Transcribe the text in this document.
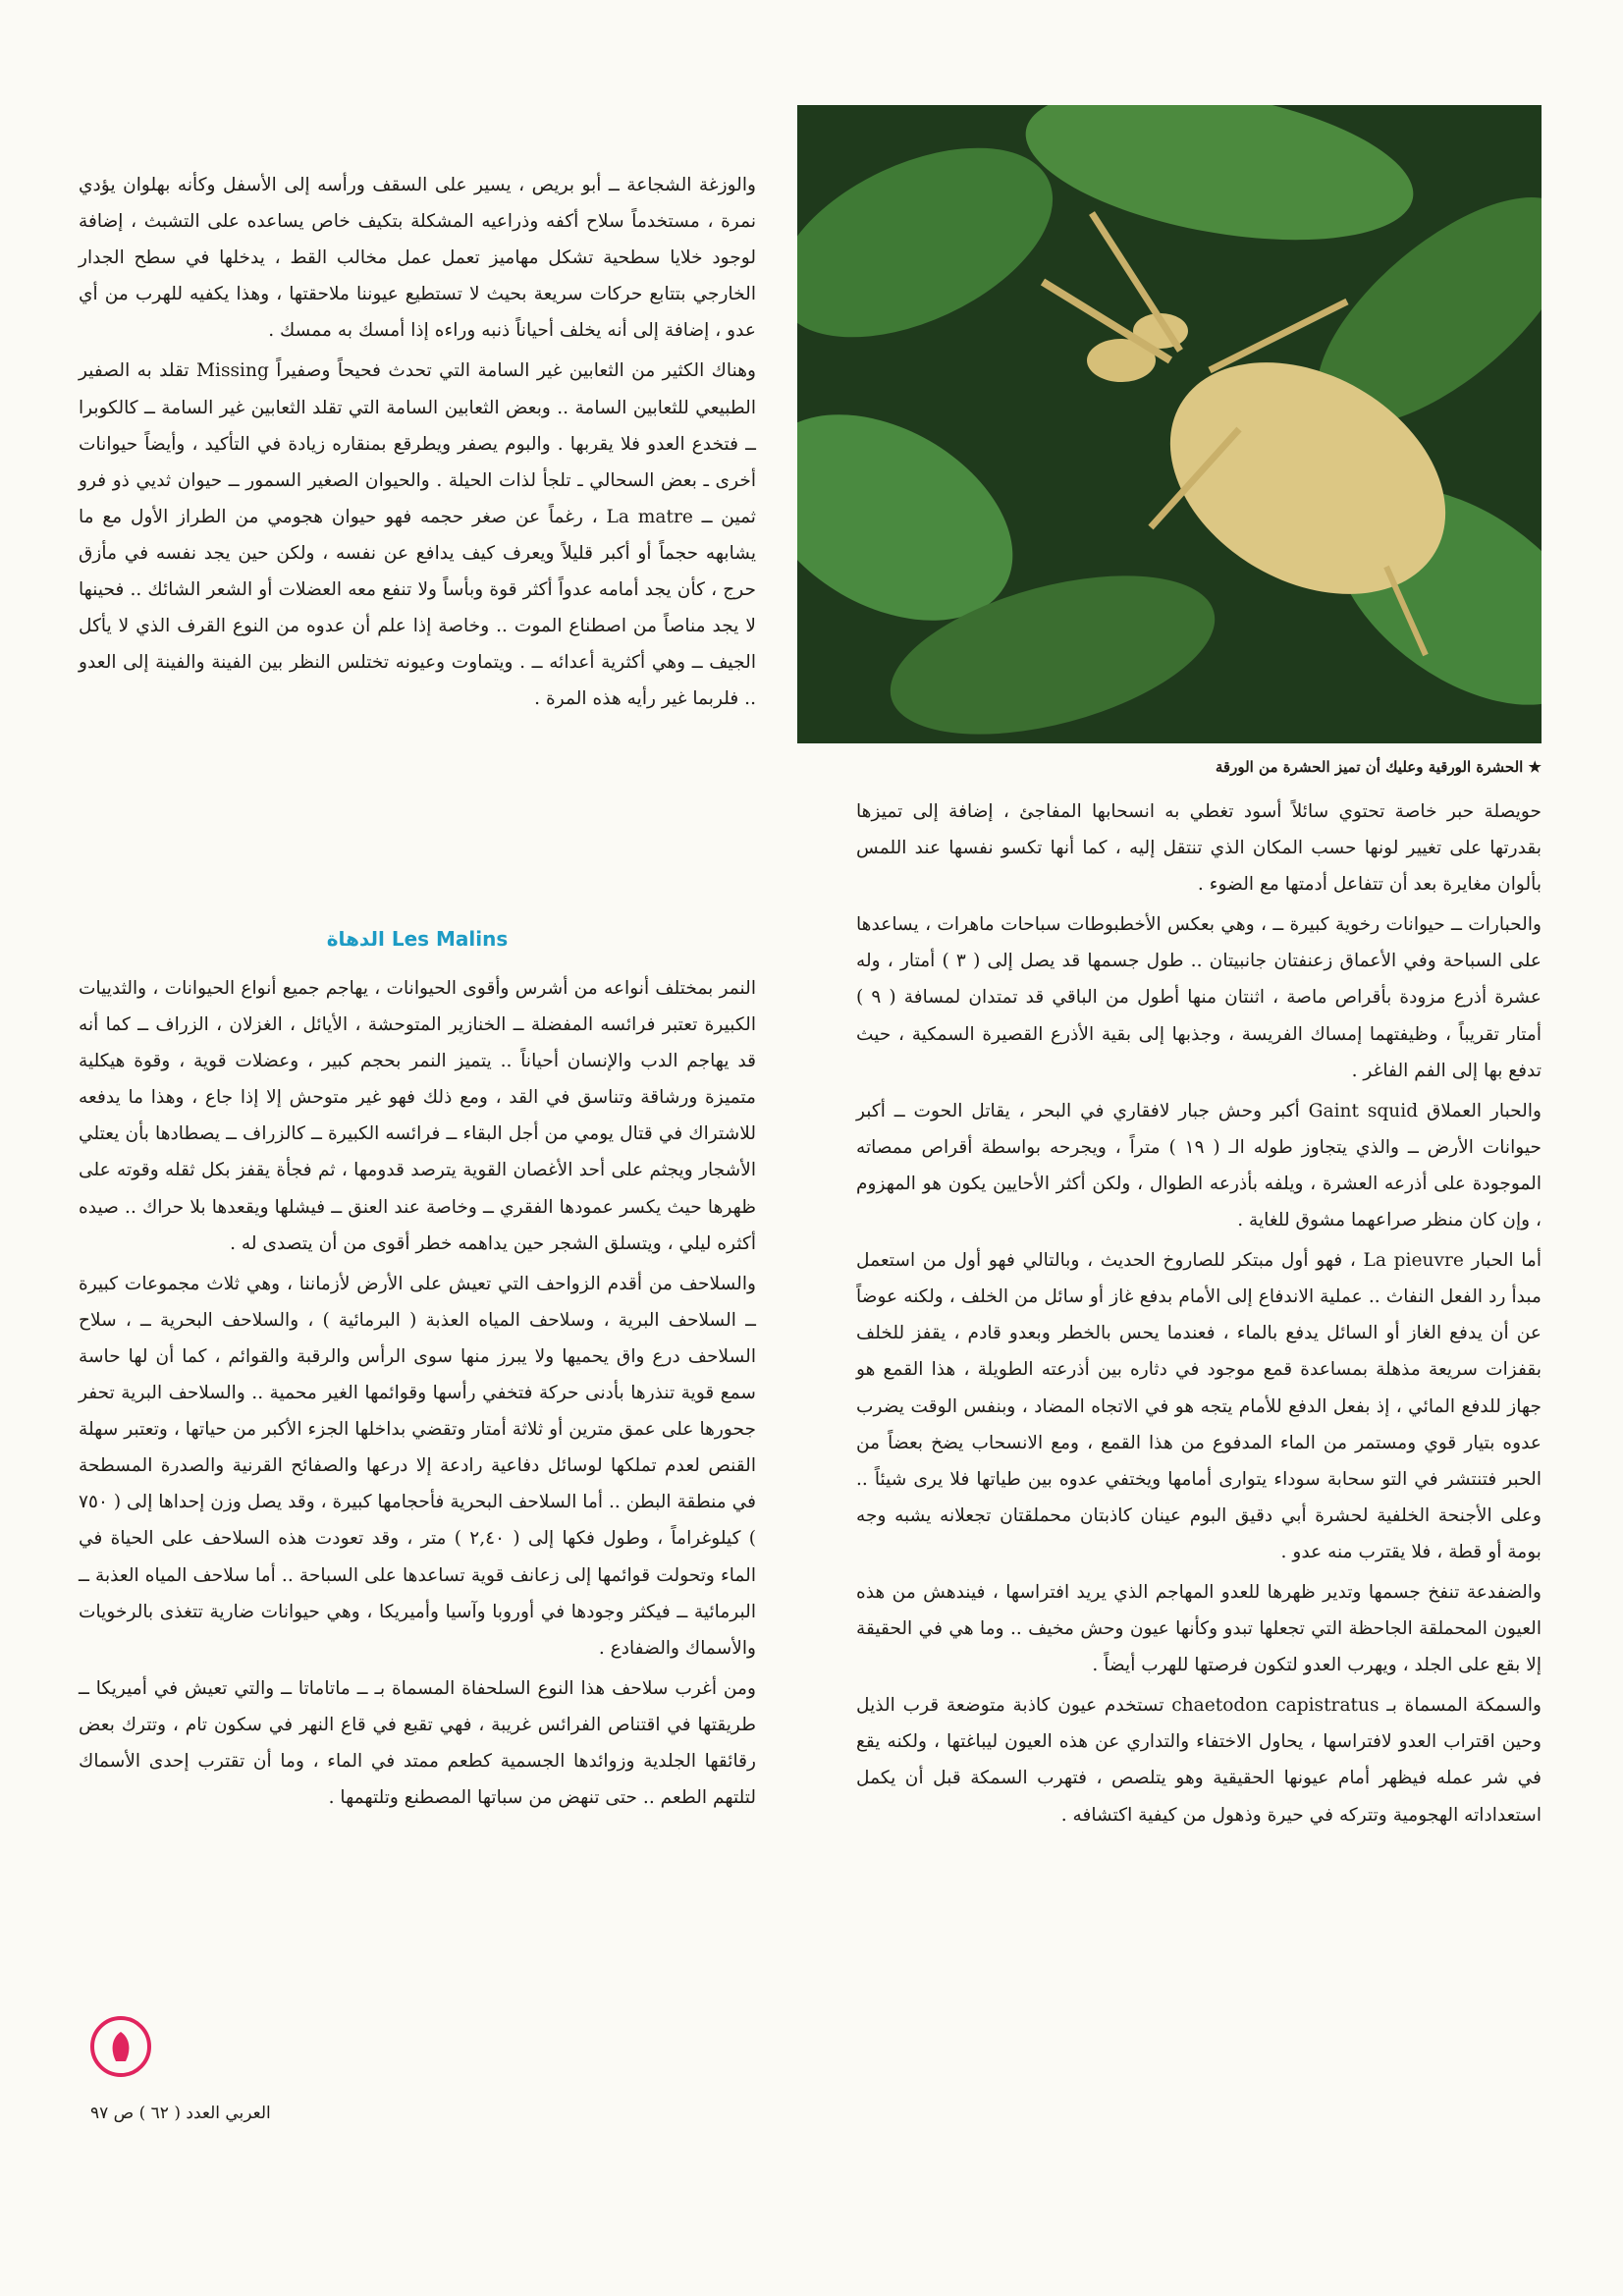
★ الحشرة الورقية وعليك أن تميز الحشرة من الورقة

والوزغة الشجاعة ــ أبو بريص ، يسير على السقف ورأسه إلى الأسفل وكأنه بهلوان يؤدي نمرة ، مستخدماً سلاح أكفه وذراعيه المشكلة بتكيف خاص يساعده على التشبث ، إضافة لوجود خلايا سطحية تشكل مهاميز تعمل عمل مخالب القط ، يدخلها في سطح الجدار الخارجي بتتابع حركات سريعة بحيث لا تستطيع عيوننا ملاحقتها ، وهذا يكفيه للهرب من أي عدو ، إضافة إلى أنه يخلف أحياناً ذنبه وراءه إذا أمسك به ممسك .

وهناك الكثير من الثعابين غير السامة التي تحدث فحيحاً وصفيراً Missing تقلد به الصفير الطبيعي للثعابين السامة .. وبعض الثعابين السامة التي تقلد الثعابين غير السامة ــ كالكوبرا ــ فتخدع العدو فلا يقربها . والبوم يصفر ويطرقع بمنقاره زيادة في التأكيد ، وأيضاً حيوانات أخرى ـ بعض السحالي ـ تلجأ لذات الحيلة . والحيوان الصغير السمور ــ حيوان ثديي ذو فرو ثمين ــ La matre ، رغماً عن صغر حجمه فهو حيوان هجومي من الطراز الأول مع ما يشابهه حجماً أو أكبر قليلاً ويعرف كيف يدافع عن نفسه ، ولكن حين يجد نفسه في مأزق حرج ، كأن يجد أمامه عدواً أكثر قوة وبأساً ولا تنفع معه العضلات أو الشعر الشائك .. فحينها لا يجد مناصاً من اصطناع الموت .. وخاصة إذا علم أن عدوه من النوع القرف الذي لا يأكل الجيف ــ وهي أكثرية أعدائه ــ . ويتماوت وعيونه تختلس النظر بين الفينة والفينة إلى العدو .. فلربما غير رأيه هذه المرة .

الدهاة Les Malins

النمر بمختلف أنواعه من أشرس وأقوى الحيوانات ، يهاجم جميع أنواع الحيوانات ، والثدييات الكبيرة تعتبر فرائسه المفضلة ــ الخنازير المتوحشة ، الأيائل ، الغزلان ، الزراف ــ كما أنه قد يهاجم الدب والإنسان أحياناً .. يتميز النمر بحجم كبير ، وعضلات قوية ، وقوة هيكلية متميزة ورشاقة وتناسق في القد ، ومع ذلك فهو غير متوحش إلا إذا جاع ، وهذا ما يدفعه للاشتراك في قتال يومي من أجل البقاء ــ فرائسه الكبيرة ــ كالزراف ــ يصطادها بأن يعتلي الأشجار ويجثم على أحد الأغصان القوية يترصد قدومها ، ثم فجأة يقفز بكل ثقله وقوته على ظهرها حيث يكسر عمودها الفقري ــ وخاصة عند العنق ــ فيشلها ويقعدها بلا حراك .. صيده أكثره ليلي ، ويتسلق الشجر حين يداهمه خطر أقوى من أن يتصدى له .

والسلاحف من أقدم الزواحف التي تعيش على الأرض لأزماننا ، وهي ثلاث مجموعات كبيرة ــ السلاحف البرية ، وسلاحف المياه العذبة ( البرمائية ) ، والسلاحف البحرية ــ ، سلاح السلاحف درع واق يحميها ولا يبرز منها سوى الرأس والرقبة والقوائم ، كما أن لها حاسة سمع قوية تنذرها بأدنى حركة فتخفي رأسها وقوائمها الغير محمية .. والسلاحف البرية تحفر جحورها على عمق مترين أو ثلاثة أمتار وتقضي بداخلها الجزء الأكبر من حياتها ، وتعتبر سهلة القنص لعدم تملكها لوسائل دفاعية رادعة إلا درعها والصفائح القرنية والصدرة المسطحة في منطقة البطن .. أما السلاحف البحرية فأحجامها كبيرة ، وقد يصل وزن إحداها إلى ( ٧٥٠ ) كيلوغراماً ، وطول فكها إلى ( ٢,٤٠ ) متر ، وقد تعودت هذه السلاحف على الحياة في الماء وتحولت قوائمها إلى زعانف قوية تساعدها على السباحة .. أما سلاحف المياه العذبة ــ البرمائية ــ فيكثر وجودها في أوروبا وآسيا وأميريكا ، وهي حيوانات ضارية تتغذى بالرخويات والأسماك والضفادع .

ومن أغرب سلاحف هذا النوع السلحفاة المسماة بـ ــ ماتاماتا ــ والتي تعيش في أميريكا ــ طريقتها في اقتناص الفرائس غريبة ، فهي تقبع في قاع النهر في سكون تام ، وتترك بعض رقائقها الجلدية وزوائدها الجسمية كطعم ممتد في الماء ، وما أن تقترب إحدى الأسماك لتلتهم الطعم .. حتى تنهض من سباتها المصطنع وتلتهمها .

حويصلة حبر خاصة تحتوي سائلاً أسود تغطي به انسحابها المفاجئ ، إضافة إلى تميزها بقدرتها على تغيير لونها حسب المكان الذي تنتقل إليه ، كما أنها تكسو نفسها عند اللمس بألوان مغايرة بعد أن تتفاعل أدمتها مع الضوء .

والحبارات ــ حيوانات رخوية كبيرة ــ ، وهي بعكس الأخطبوطات سباحات ماهرات ، يساعدها على السباحة وفي الأعماق زعنفتان جانبيتان .. طول جسمها قد يصل إلى ( ٣ ) أمتار ، وله عشرة أذرع مزودة بأقراص ماصة ، اثنتان منها أطول من الباقي قد تمتدان لمسافة ( ٩ ) أمتار تقريباً ، وظيفتهما إمساك الفريسة ، وجذبها إلى بقية الأذرع القصيرة السمكية ، حيث تدفع بها إلى الفم الفاغر .

والحبار العملاق Gaint squid أكبر وحش جبار لافقاري في البحر ، يقاتل الحوت ــ أكبر حيوانات الأرض ــ والذي يتجاوز طوله الـ ( ١٩ ) متراً ، ويجرحه بواسطة أقراص ممصاته الموجودة على أذرعه العشرة ، ويلفه بأذرعه الطوال ، ولكن أكثر الأحايين يكون هو المهزوم ، وإن كان منظر صراعهما مشوق للغاية .

أما الحبار La pieuvre ، فهو أول مبتكر للصاروخ الحديث ، وبالتالي فهو أول من استعمل مبدأ رد الفعل النفاث .. عملية الاندفاع إلى الأمام بدفع غاز أو سائل من الخلف ، ولكنه عوضاً عن أن يدفع الغاز أو السائل يدفع بالماء ، فعندما يحس بالخطر وبعدو قادم ، يقفز للخلف بقفزات سريعة مذهلة بمساعدة قمع موجود في دثاره بين أذرعته الطويلة ، هذا القمع هو جهاز للدفع المائي ، إذ بفعل الدفع للأمام يتجه هو في الاتجاه المضاد ، وبنفس الوقت يضرب عدوه بتيار قوي ومستمر من الماء المدفوع من هذا القمع ، ومع الانسحاب يضخ بعضاً من الحبر فتنتشر في التو سحابة سوداء يتوارى أمامها ويختفي عدوه بين طياتها فلا يرى شيئاً .. وعلى الأجنحة الخلفية لحشرة أبي دقيق البوم عينان كاذبتان محملقتان تجعلانه يشبه وجه بومة أو قطة ، فلا يقترب منه عدو .

والضفدعة تنفخ جسمها وتدير ظهرها للعدو المهاجم الذي يريد افتراسها ، فيندهش من هذه العيون المحملقة الجاحظة التي تجعلها تبدو وكأنها عيون وحش مخيف .. وما هي في الحقيقة إلا بقع على الجلد ، ويهرب العدو لتكون فرصتها للهرب أيضاً .

والسمكة المسماة بـ chaetodon capistratus تستخدم عيون كاذبة متوضعة قرب الذيل وحين اقتراب العدو لافتراسها ، يحاول الاختفاء والتداري عن هذه العيون ليباغتها ، ولكنه يقع في شر عمله فيظهر أمام عيونها الحقيقية وهو يتلصص ، فتهرب السمكة قبل أن يكمل استعداداته الهجومية وتتركه في حيرة وذهول من كيفية اكتشافه .

العربي العدد ( ٦٢ ) ص ٩٧
